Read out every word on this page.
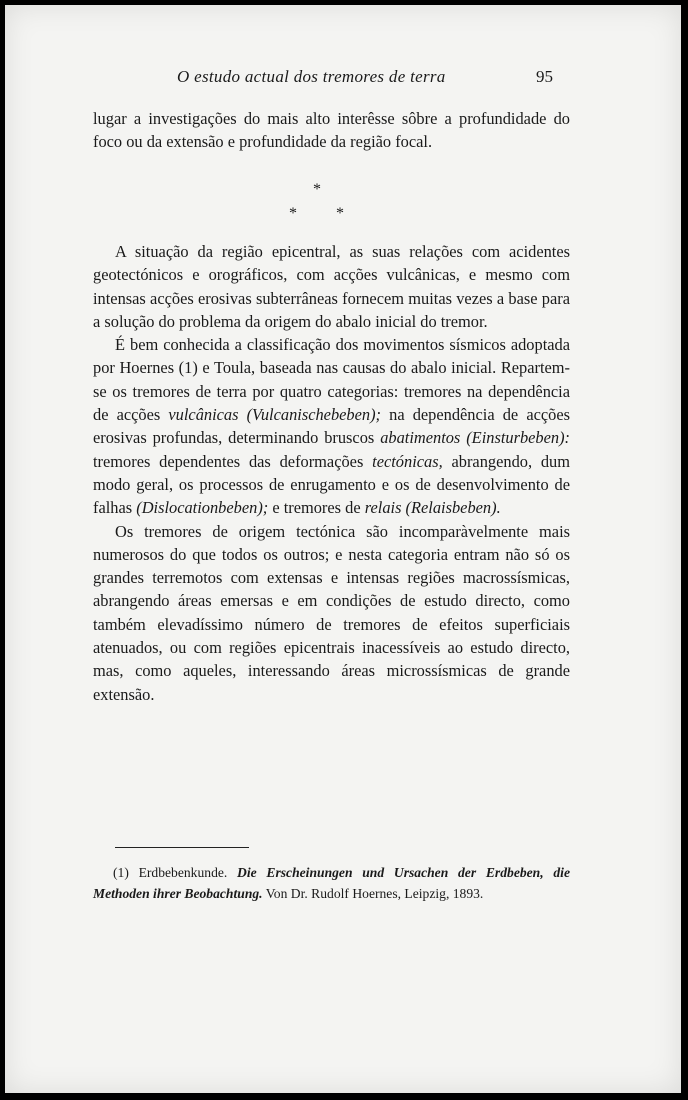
O estudo actual dos tremores de terra	95

lugar a investigações do mais alto interêsse sôbre a profundidade do foco ou da extensão e profundidade da região focal.

*
* *

A situação da região epicentral, as suas relações com acidentes geotectónicos e orográficos, com acções vulcânicas, e mesmo com intensas acções erosivas subterrâneas fornecem muitas vezes a base para a solução do problema da origem do abalo inicial do tremor.

É bem conhecida a classificação dos movimentos sísmicos adoptada por Hoernes (1) e Toula, baseada nas causas do abalo inicial. Repartem-se os tremores de terra por quatro categorias: tremores na dependência de acções vulcânicas (Vulcanischebeben); na dependência de acções erosivas profundas, determinando bruscos abatimentos (Einsturbeben): tremores dependentes das deformações tectónicas, abrangendo, dum modo geral, os processos de enrugamento e os de desenvolvimento de falhas (Dislocationbeben); e tremores de relais (Relaisbeben).

Os tremores de origem tectónica são incomparàvelmente mais numerosos do que todos os outros; e nesta categoria entram não só os grandes terremotos com extensas e intensas regiões macrossísmicas, abrangendo áreas emersas e em condições de estudo directo, como também elevadíssimo número de tremores de efeitos superficiais atenuados, ou com regiões epicentrais inacessíveis ao estudo directo, mas, como aqueles, interessando áreas microssísmicas de grande extensão.

(1) Erdbebenkunde. Die Erscheinungen und Ursachen der Erdbeben, die Methoden ihrer Beobachtung. Von Dr. Rudolf Hoernes, Leipzig, 1893.
